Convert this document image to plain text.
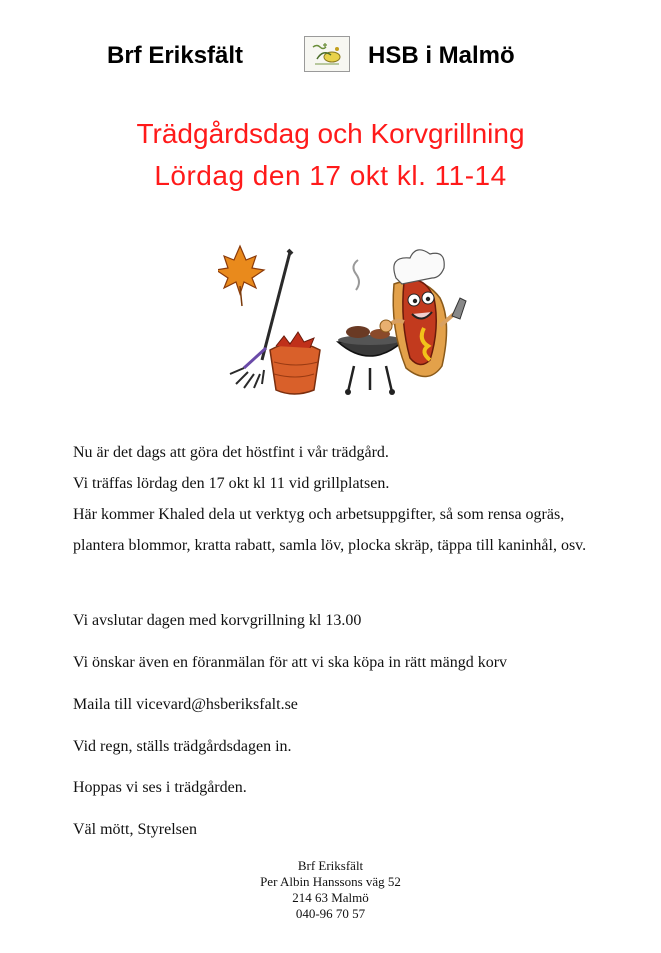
Brf Eriksfält	HSB i Malmö
Trädgårdsdag och Korvgrillning
Lördag den 17 okt kl. 11-14
Nu är det dags att göra det höstfint i vår trädgård.
Vi träffas lördag den 17 okt kl 11 vid grillplatsen.
Här kommer Khaled dela ut verktyg och arbetsuppgifter, så som rensa ogräs, plantera blommor, kratta rabatt, samla löv, plocka skräp, täppa till kaninhål, osv.
Vi avslutar dagen med korvgrillning kl 13.00
Vi önskar även en föranmälan för att vi ska köpa in rätt mängd korv
Maila till vicevard@hsberiksfalt.se
Vid regn, ställs trädgårdsdagen in.
Hoppas vi ses i trädgården.
Väl mött, Styrelsen
Brf Eriksfält
Per Albin Hanssons väg 52
214 63 Malmö
040-96 70 57
